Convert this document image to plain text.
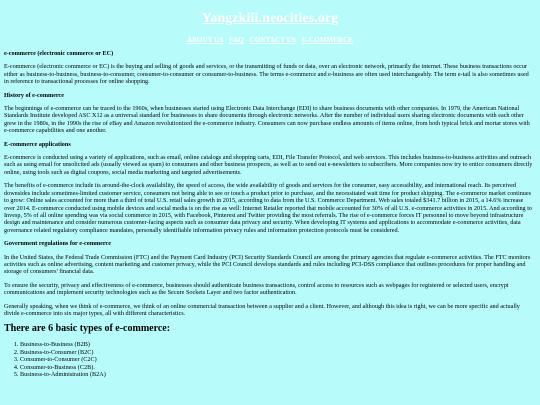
Yangzkiii.neocities.org
ABOUT US FAQ CONTACT US E-COMMERCE
e-commerce (electronic commerce or EC)

E-commerce (electronic commerce or EC) is the buying and selling of goods and services, or the transmitting of funds or data, over an electronic network, primarily the internet. These business transactions occur either as business-to-business, business-to-consumer, consumer-to-consumer or consumer-to-business. The terms e-commerce and e-business are often used interchangeably. The term e-tail is also sometimes used in reference to transactional processes for online shopping.

History of e-commerce

The beginnings of e-commerce can be traced to the 1960s, when businesses started using Electronic Data Interchange (EDI) to share business documents with other companies. In 1979, the American National Standards Institute developed ASC X12 as a universal standard for businesses to share documents through electronic networks. After the number of individual users sharing electronic documents with each other grew in the 1980s, in the 1990s the rise of eBay and Amazon revolutionized the e-commerce industry. Consumers can now purchase endless amounts of items online, from both typical brick and mortar stores with e-commerce capabilities and one another.

E-commerce applications

E-commerce is conducted using a variety of applications, such as email, online catalogs and shopping carts, EDI, File Transfer Protocol, and web services. This includes business-to-business activities and outreach such as using email for unsolicited ads (usually viewed as spam) to consumers and other business prospects, as well as to send out e-newsletters to subscribers. More companies now try to entice consumers directly online, using tools such as digital coupons, social media marketing and targeted advertisements.

The benefits of e-commerce include its around-the-clock availability, the speed of access, the wide availability of goods and services for the consumer, easy accessibility, and international reach. Its perceived downsides include sometimes-limited customer service, consumers not being able to see or touch a product prior to purchase, and the necessitated wait time for product shipping. The e-commerce market continues to grow: Online sales accounted for more than a third of total U.S. retail sales growth in 2015, according to data from the U.S. Commerce Department. Web sales totaled $341.7 billion in 2015, a 14.6% increase over 2014. E-commerce conducted using mobile devices and social media is on the rise as well: Internet Retailer reported that mobile accounted for 30% of all U.S. e-commerce activities in 2015. And according to Invesp, 5% of all online spending was via social commerce in 2015, with Facebook, Pinterest and Twitter providing the most referrals. The rise of e-commerce forces IT personnel to move beyond infrastructure design and maintenance and consider numerous customer-facing aspects such as consumer data privacy and security. When developing IT systems and applications to accommodate e-commerce activities, data governance related regulatory compliance mandates, personally identifiable information privacy rules and information protection protocols must be considered.

Government regulations for e-commerce

In the United States, the Federal Trade Commission (FTC) and the Payment Card Industry (PCI) Security Standards Council are among the primary agencies that regulate e-commerce activities. The FTC monitors activities such as online advertising, content marketing and customer privacy, while the PCI Council develops standards and rules including PCI-DSS compliance that outlines procedures for proper handling and storage of consumers' financial data.

To ensure the security, privacy and effectiveness of e-commerce, businesses should authenticate business transactions, control access to resources such as webpages for registered or selected users, encrypt communications and implement security technologies such as the Secure Sockets Layer and two factor authentication.

Generally speaking, when we think of e-commerce, we think of an online commercial transaction between a supplier and a client. However, and although this idea is right, we can be more specific and actually divide e-commerce into six major types, all with different characteristics.

There are 6 basic types of e-commerce:
1. Business-to-Business (B2B)
2. Business-to-Consumer (B2C)
3. Consumer-to-Consumer (C2C)
4. Consumer-to-Business (C2B).
5. Business-to-Administration (B2A)
